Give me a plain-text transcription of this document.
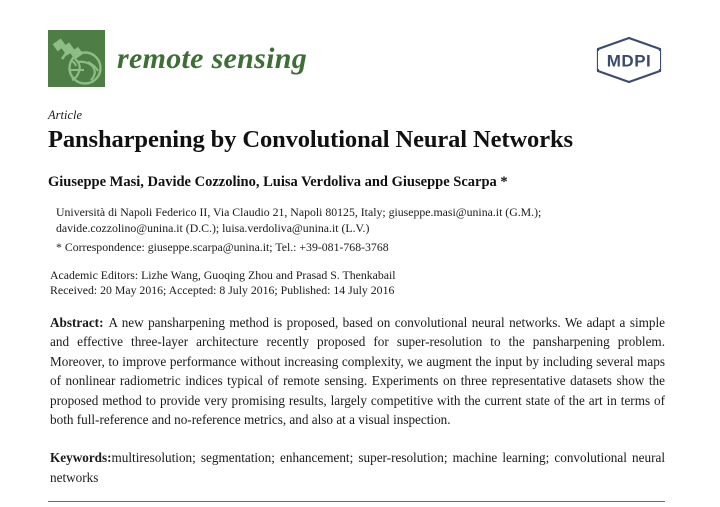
remote sensing	MDPI

Article

Pansharpening by Convolutional Neural Networks

Giuseppe Masi, Davide Cozzolino, Luisa Verdoliva and Giuseppe Scarpa *

Università di Napoli Federico II, Via Claudio 21, Napoli 80125, Italy; giuseppe.masi@unina.it (G.M.);

davide.cozzolino@unina.it (D.C.); luisa.verdoliva@unina.it (L.V.)

* Correspondence: giuseppe.scarpa@unina.it; Tel.: +39-081-768-3768

Academic Editors: Lizhe Wang, Guoqing Zhou and Prasad S. Thenkabail

Received: 20 May 2016; Accepted: 8 July 2016; Published: 14 July 2016

Abstract: A new pansharpening method is proposed, based on convolutional neural networks. We adapt a simple and effective three-layer architecture recently proposed for super-resolution to the pansharpening problem. Moreover, to improve performance without increasing complexity, we augment the input by including several maps of nonlinear radiometric indices typical of remote sensing. Experiments on three representative datasets show the proposed method to provide very promising results, largely competitive with the current state of the art in terms of both full-reference and no-reference metrics, and also at a visual inspection.

Keywords:multiresolution; segmentation; enhancement; super-resolution; machine learning; convolutional neural networks
